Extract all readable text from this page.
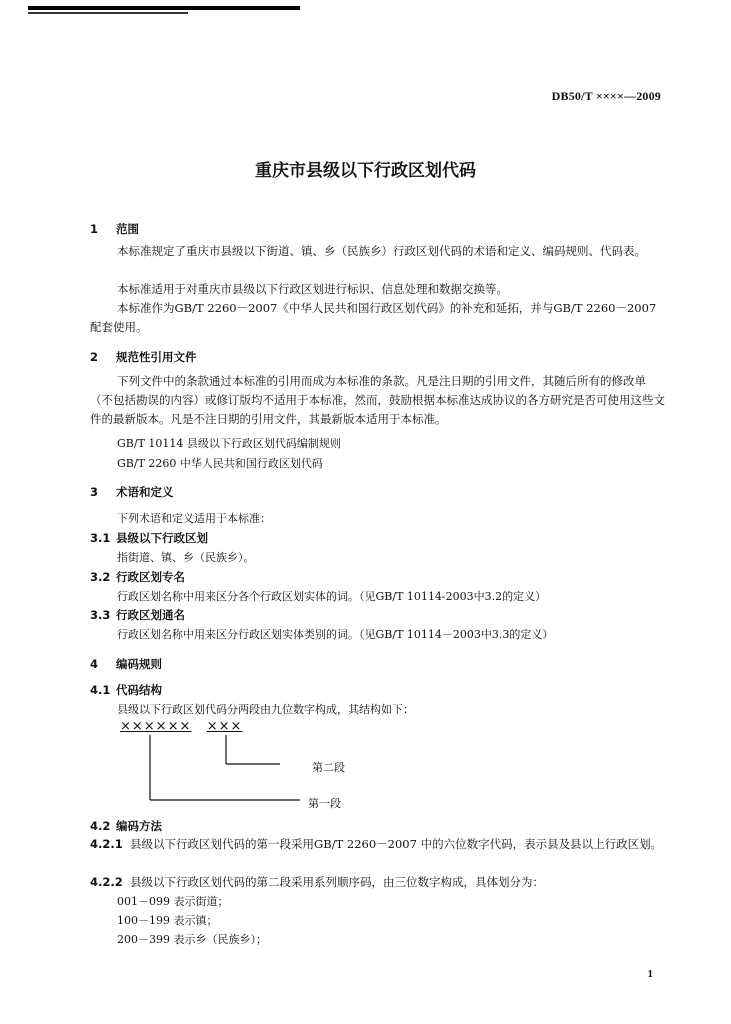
DB50/T ××××—2009
重庆市县级以下行政区划代码
1 范围

本标准规定了重庆市县级以下街道、镇、乡（民族乡）行政区划代码的术语和定义、编码规则、代码表。

本标准适用于对重庆市县级以下行政区划进行标识、信息处理和数据交换等。

本标准作为GB/T 2260－2007《中华人民共和国行政区划代码》的补充和延拓，并与GB/T 2260－2007配套使用。

2 规范性引用文件

下列文件中的条款通过本标准的引用而成为本标准的条款。凡是注日期的引用文件，其随后所有的修改单（不包括勘误的内容）或修订版均不适用于本标准，然而，鼓励根据本标准达成协议的各方研究是否可使用这些文件的最新版本。凡是不注日期的引用文件，其最新版本适用于本标准。

GB/T 10114 县级以下行政区划代码编制规则
GB/T 2260 中华人民共和国行政区划代码
3 术语和定义
下列术语和定义适用于本标准：
3.1 县级以下行政区划
指街道、镇、乡（民族乡）。
3.2 行政区划专名
行政区划名称中用来区分各个行政区划实体的词。（见GB/T 10114-2003中3.2的定义）
3.3 行政区划通名
行政区划名称中用来区分行政区划实体类别的词。（见GB/T 10114－2003中3.3的定义）
4 编码规则
4.1 代码结构
县级以下行政区划代码分两段由九位数字构成，其结构如下：
×××××× ×××
第二段
第一段
4.2 编码方法
4.2.1 县级以下行政区划代码的第一段采用GB/T 2260－2007 中的六位数字代码，表示县及县以上行政区划。
4.2.2 县级以下行政区划代码的第二段采用系列顺序码，由三位数字构成，具体划分为：
001－099 表示街道；
100－199 表示镇；
200－399 表示乡（民族乡）；
1
